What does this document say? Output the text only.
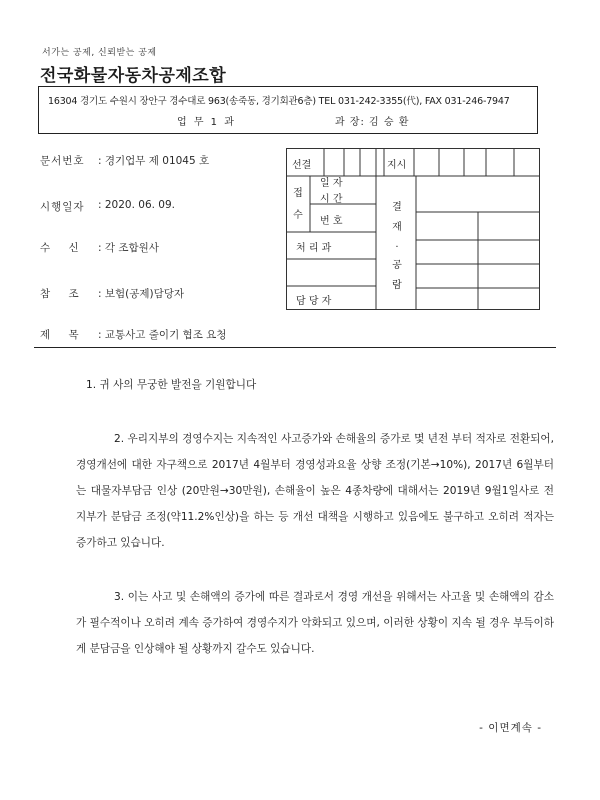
서가는 공제, 신뢰받는 공제
전국화물자동차공제조합
16304 경기도 수원시 장안구 경수대로 963(송죽동, 경기회관6층) TEL 031-242-3355(代), FAX 031-246-7947
업 무 1 과	과 장: 김 승 환
문서번호 : 경기업무 제 01045 호
시행일자 : 2020. 06. 09.
수    신 : 각 조합원사
참    조 : 보험(공제)담당자
제    목 : 교통사고 줄이기 협조 요청
선결	지시
접
수
일 자
시 간
번 호
처 리 과
담 당 자
결
재
·
공
람
1. 귀 사의 무궁한 발전을 기원합니다
2. 우리지부의 경영수지는 지속적인 사고증가와 손해율의 증가로 몇 년전 부터 적자로 전환되어, 경영개선에 대한 자구책으로 2017년 4월부터 경영성과요율 상향 조정(기본→10%), 2017년 6월부터는 대물자부담금 인상 (20만원→30만원), 손해율이 높은 4종차량에 대해서는 2019년 9월1일사로 전 지부가 분담금 조정(약11.2%인상)을 하는 등 개선 대책을 시행하고 있음에도 불구하고 오히려 적자는 증가하고 있습니다.
3. 이는 사고 및 손해액의 증가에 따른 결과로서 경영 개선을 위해서는 사고율 및 손해액의 감소가 필수적이나 오히려 계속 증가하여 경영수지가 악화되고 있으며, 이러한 상황이 지속 될 경우 부득이하게 분담금을 인상해야 될 상황까지 갈수도 있습니다.
- 이면계속 -
